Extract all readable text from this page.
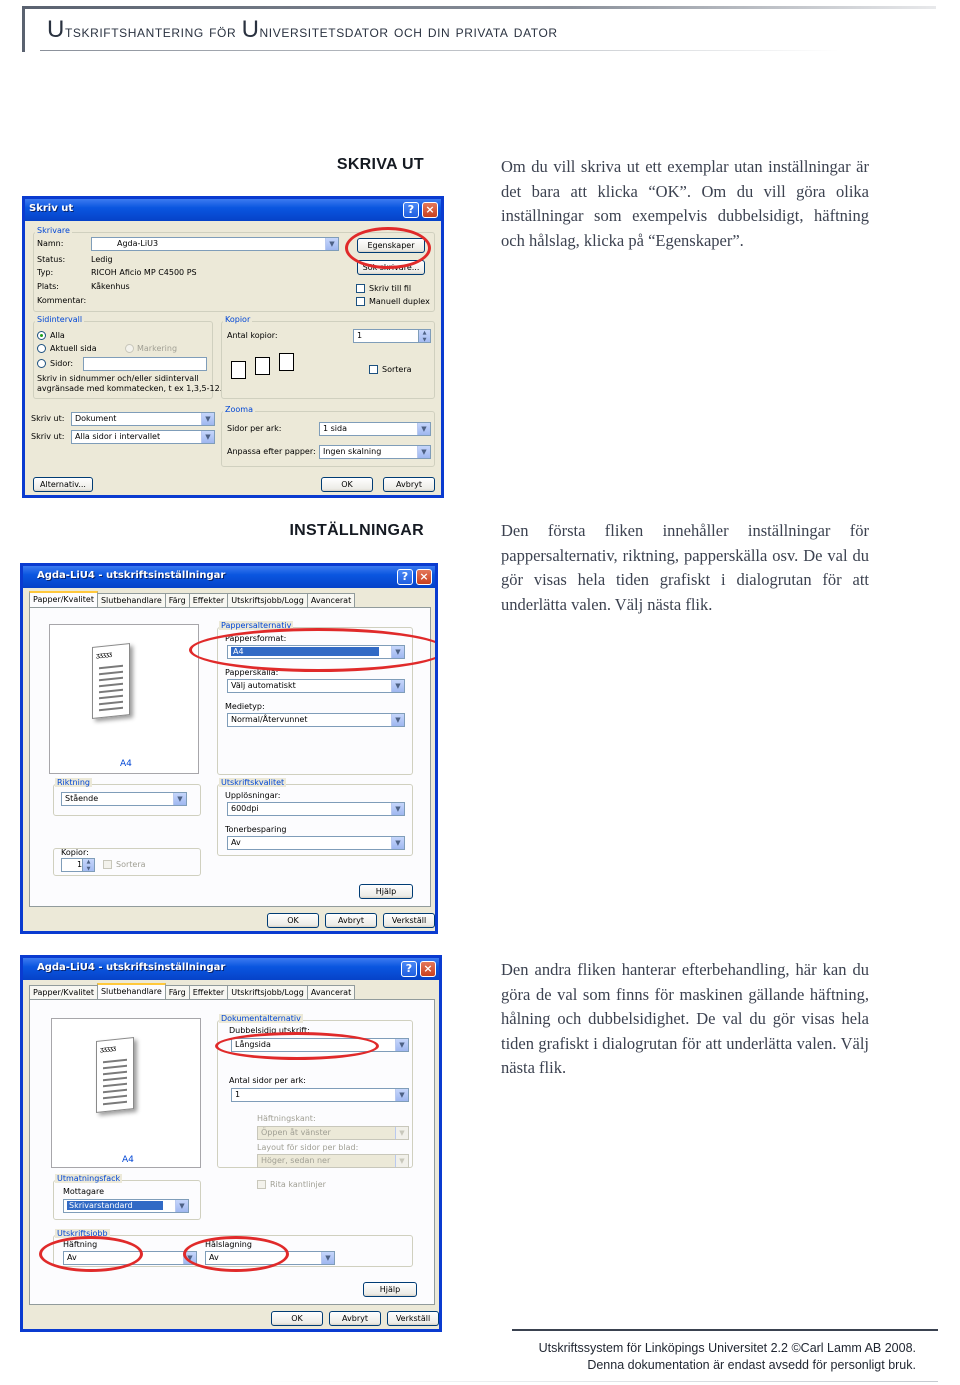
Utskriftshantering för Universitetsdator och din privata dator
SKRIVA UT	Om du vill skriva ut ett exemplar utan inställningar är det bara att klicka “OK”. Om du vill göra olika inställningar som exempelvis dubbelsidigt, häftning och hålslag, klicka på “Egenskaper”.
Skriv ut	?	×
Skrivare
Namn:	Agda-LiU3	▼
Status:	Ledig
Typ:	RICOH Aficio MP C4500 PS
Plats:	Kåkenhus
Kommentar:
Egenskaper
Sök skrivare...
Skriv till fil
Manuell duplex
Sidintervall
Alla
Aktuell sida	Markering
Sidor:
Skriv in sidnummer och/eller sidintervall
avgränsade med kommatecken, t ex 1,3,5-12.
Kopior
Antal kopior:	1	▲
▼
Sortera
Skriv ut:	Dokument	▼
Skriv ut:	Alla sidor i intervallet	▼
Zooma
Sidor per ark:	1 sida	▼
Anpassa efter papper: Ingen skalning	▼
Alternativ...	OK	Avbryt
INSTÄLLNINGAR	Den första fliken innehåller inställningar för pappersalternativ, riktning, papperskälla osv. De val du gör visas hela tiden grafiskt i dialogrutan för att underlätta valen. Välj nästa flik.
Agda-LiU4 - utskriftsinställningar	?	×
Papper/Kvalitet Slutbehandlare Färg Effekter Utskriftsjobb/Logg Avancerat
ƷƷƷƷƷ
A4
Pappersalternativ
Pappersformat:
A4	▼
Papperskälla:
Välj automatiskt	▼
Medietyp:
Normal/Återvunnet	▼
Riktning
Stående	▼
Utskriftskvalitet
Upplösningar:
600dpi	▼
Tonerbesparing
Av	▼
Kopior:
1 ▲
▼	Sortera
Hjälp
OK	Avbryt	Verkställ
Den andra fliken hanterar efterbehandling, här kan du göra de val som finns för maskinen gällande häftning, hålning och dubbelsidighet. De val du gör visas hela tiden grafiskt i dialogrutan för att underlätta valen. Välj nästa flik.
Agda-LiU4 - utskriftsinställningar	?	×
Papper/Kvalitet Slutbehandlare Färg Effekter Utskriftsjobb/Logg Avancerat
ƷƷƷƷƷ
A4
Dokumentalternativ
Dubbelsidig utskrift:
Långsida	▼
Antal sidor per ark:
1	▼
Häftningskant:
Öppen åt vänster	▼
Layout för sidor per blad:
Höger, sedan ner	▼
Rita kantlinjer
Utmatningsfack
Mottagare
Skrivarstandard	▼
Utskriftsjobb
Häftning
Av	▼
Hålslagning
Av	▼
Hjälp
OK	Avbryt	Verkställ
Utskriftssystem för Linköpings Universitet 2.2 ©Carl Lamm AB 2008.
Denna dokumentation är endast avsedd för personligt bruk.
